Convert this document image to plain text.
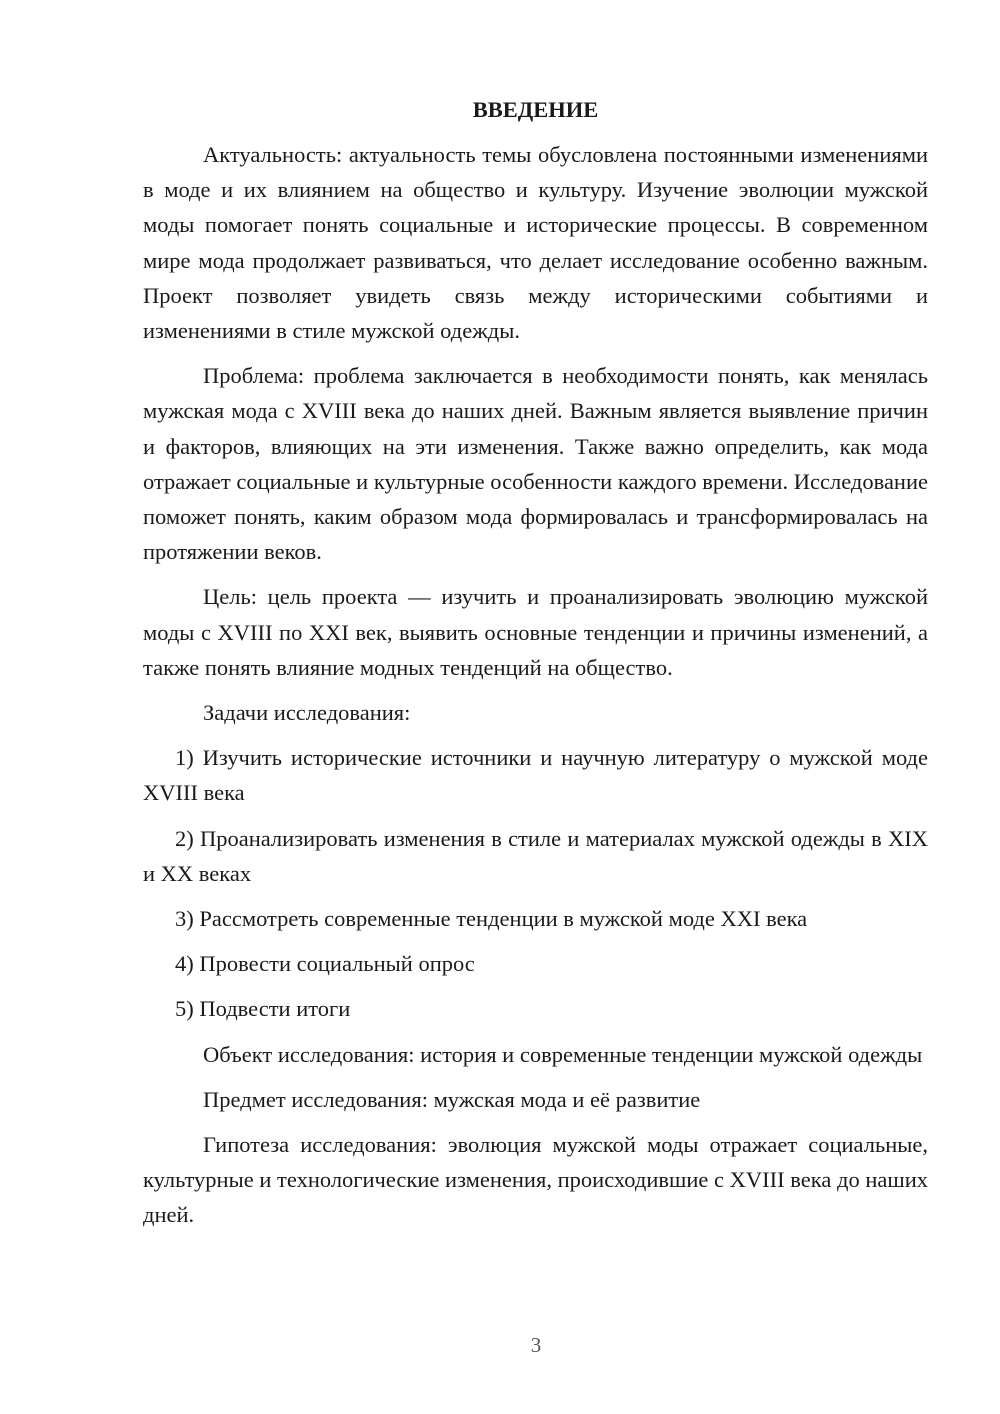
ВВЕДЕНИЕ

Актуальность: актуальность темы обусловлена постоянными изменениями в моде и их влиянием на общество и культуру. Изучение эволюции мужской моды помогает понять социальные и исторические процессы. В современном мире мода продолжает развиваться, что делает исследование особенно важным. Проект позволяет увидеть связь между историческими событиями и изменениями в стиле мужской одежды.

Проблема: проблема заключается в необходимости понять, как менялась мужская мода с XVIII века до наших дней. Важным является выявление причин и факторов, влияющих на эти изменения. Также важно определить, как мода отражает социальные и культурные особенности каждого времени. Исследование поможет понять, каким образом мода формировалась и трансформировалась на протяжении веков.

Цель: цель проекта — изучить и проанализировать эволюцию мужской моды с XVIII по XXI век, выявить основные тенденции и причины изменений, а также понять влияние модных тенденций на общество.

Задачи исследования:

1) Изучить исторические источники и научную литературу о мужской моде XVIII века

2) Проанализировать изменения в стиле и материалах мужской одежды в XIX и XX веках

3) Рассмотреть современные тенденции в мужской моде XXI века

4) Провести социальный опрос

5) Подвести итоги

Объект исследования: история и современные тенденции мужской одежды

Предмет исследования: мужская мода и её развитие

Гипотеза исследования: эволюция мужской моды отражает социальные, культурные и технологические изменения, происходившие с XVIII века до наших дней.

3
